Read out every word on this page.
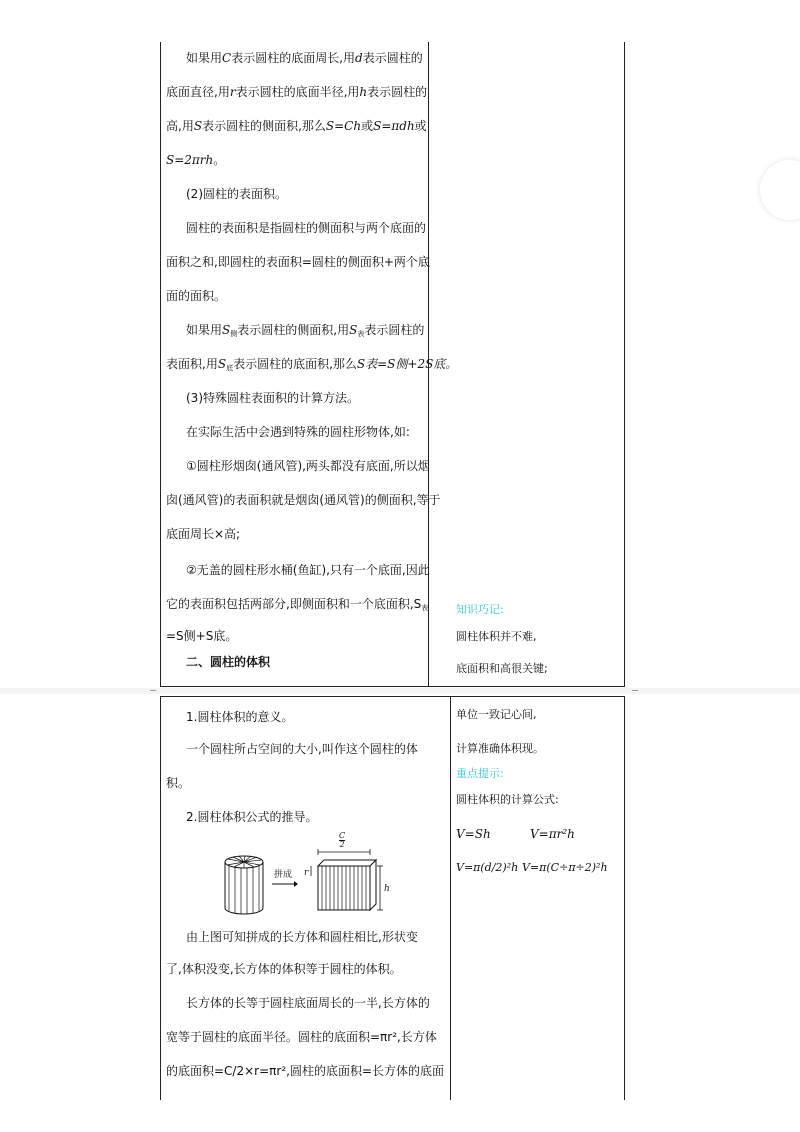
如果用C表示圆柱的底面周长,用d表示圆柱的
底面直径,用r表示圆柱的底面半径,用h表示圆柱的
高,用S表示圆柱的侧面积,那么S=Ch或S=πdh或
S=2πrh。
(2)圆柱的表面积。
圆柱的表面积是指圆柱的侧面积与两个底面的
面积之和,即圆柱的表面积=圆柱的侧面积+两个底
面的面积。
如果用$S_侧$表示圆柱的侧面积,用$S_表$表示圆柱的
表面积,用$S_底$表示圆柱的底面积,那么S表=S侧+2S底。
(3)特殊圆柱表面积的计算方法。
在实际生活中会遇到特殊的圆柱形物体,如:
①圆柱形烟囱(通风管),两头都没有底面,所以烟
囱(通风管)的表面积就是烟囱(通风管)的侧面积,等于
底面周长×高;
②无盖的圆柱形水桶(鱼缸),只有一个底面,因此
它的表面积包括两部分,即侧面积和一个底面积$,S_表$
=S侧+S底。
二、圆柱的体积
知识巧记:
圆柱体积并不难,
底面积和高很关键;
1.圆柱体积的意义。
一个圆柱所占空间的大小,叫作这个圆柱的体
积。
2.圆柱体积公式的推导。
拼成
$\frac{C}{2}$
r
h
由上图可知拼成的长方体和圆柱相比,形状变
了,体积没变,长方体的体积等于圆柱的体积。
长方体的长等于圆柱底面周长的一半,长方体的
宽等于圆柱的底面半径。圆柱的底面积=πr²,长方体
的底面积=C/2×r=πr²,圆柱的底面积=长方体的底面
单位一致记心间,
计算准确体积现。
重点提示:
圆柱体积的计算公式:
V=Sh	V=πr²h
V=π(d/2)²h V=π(C÷π÷2)²h
